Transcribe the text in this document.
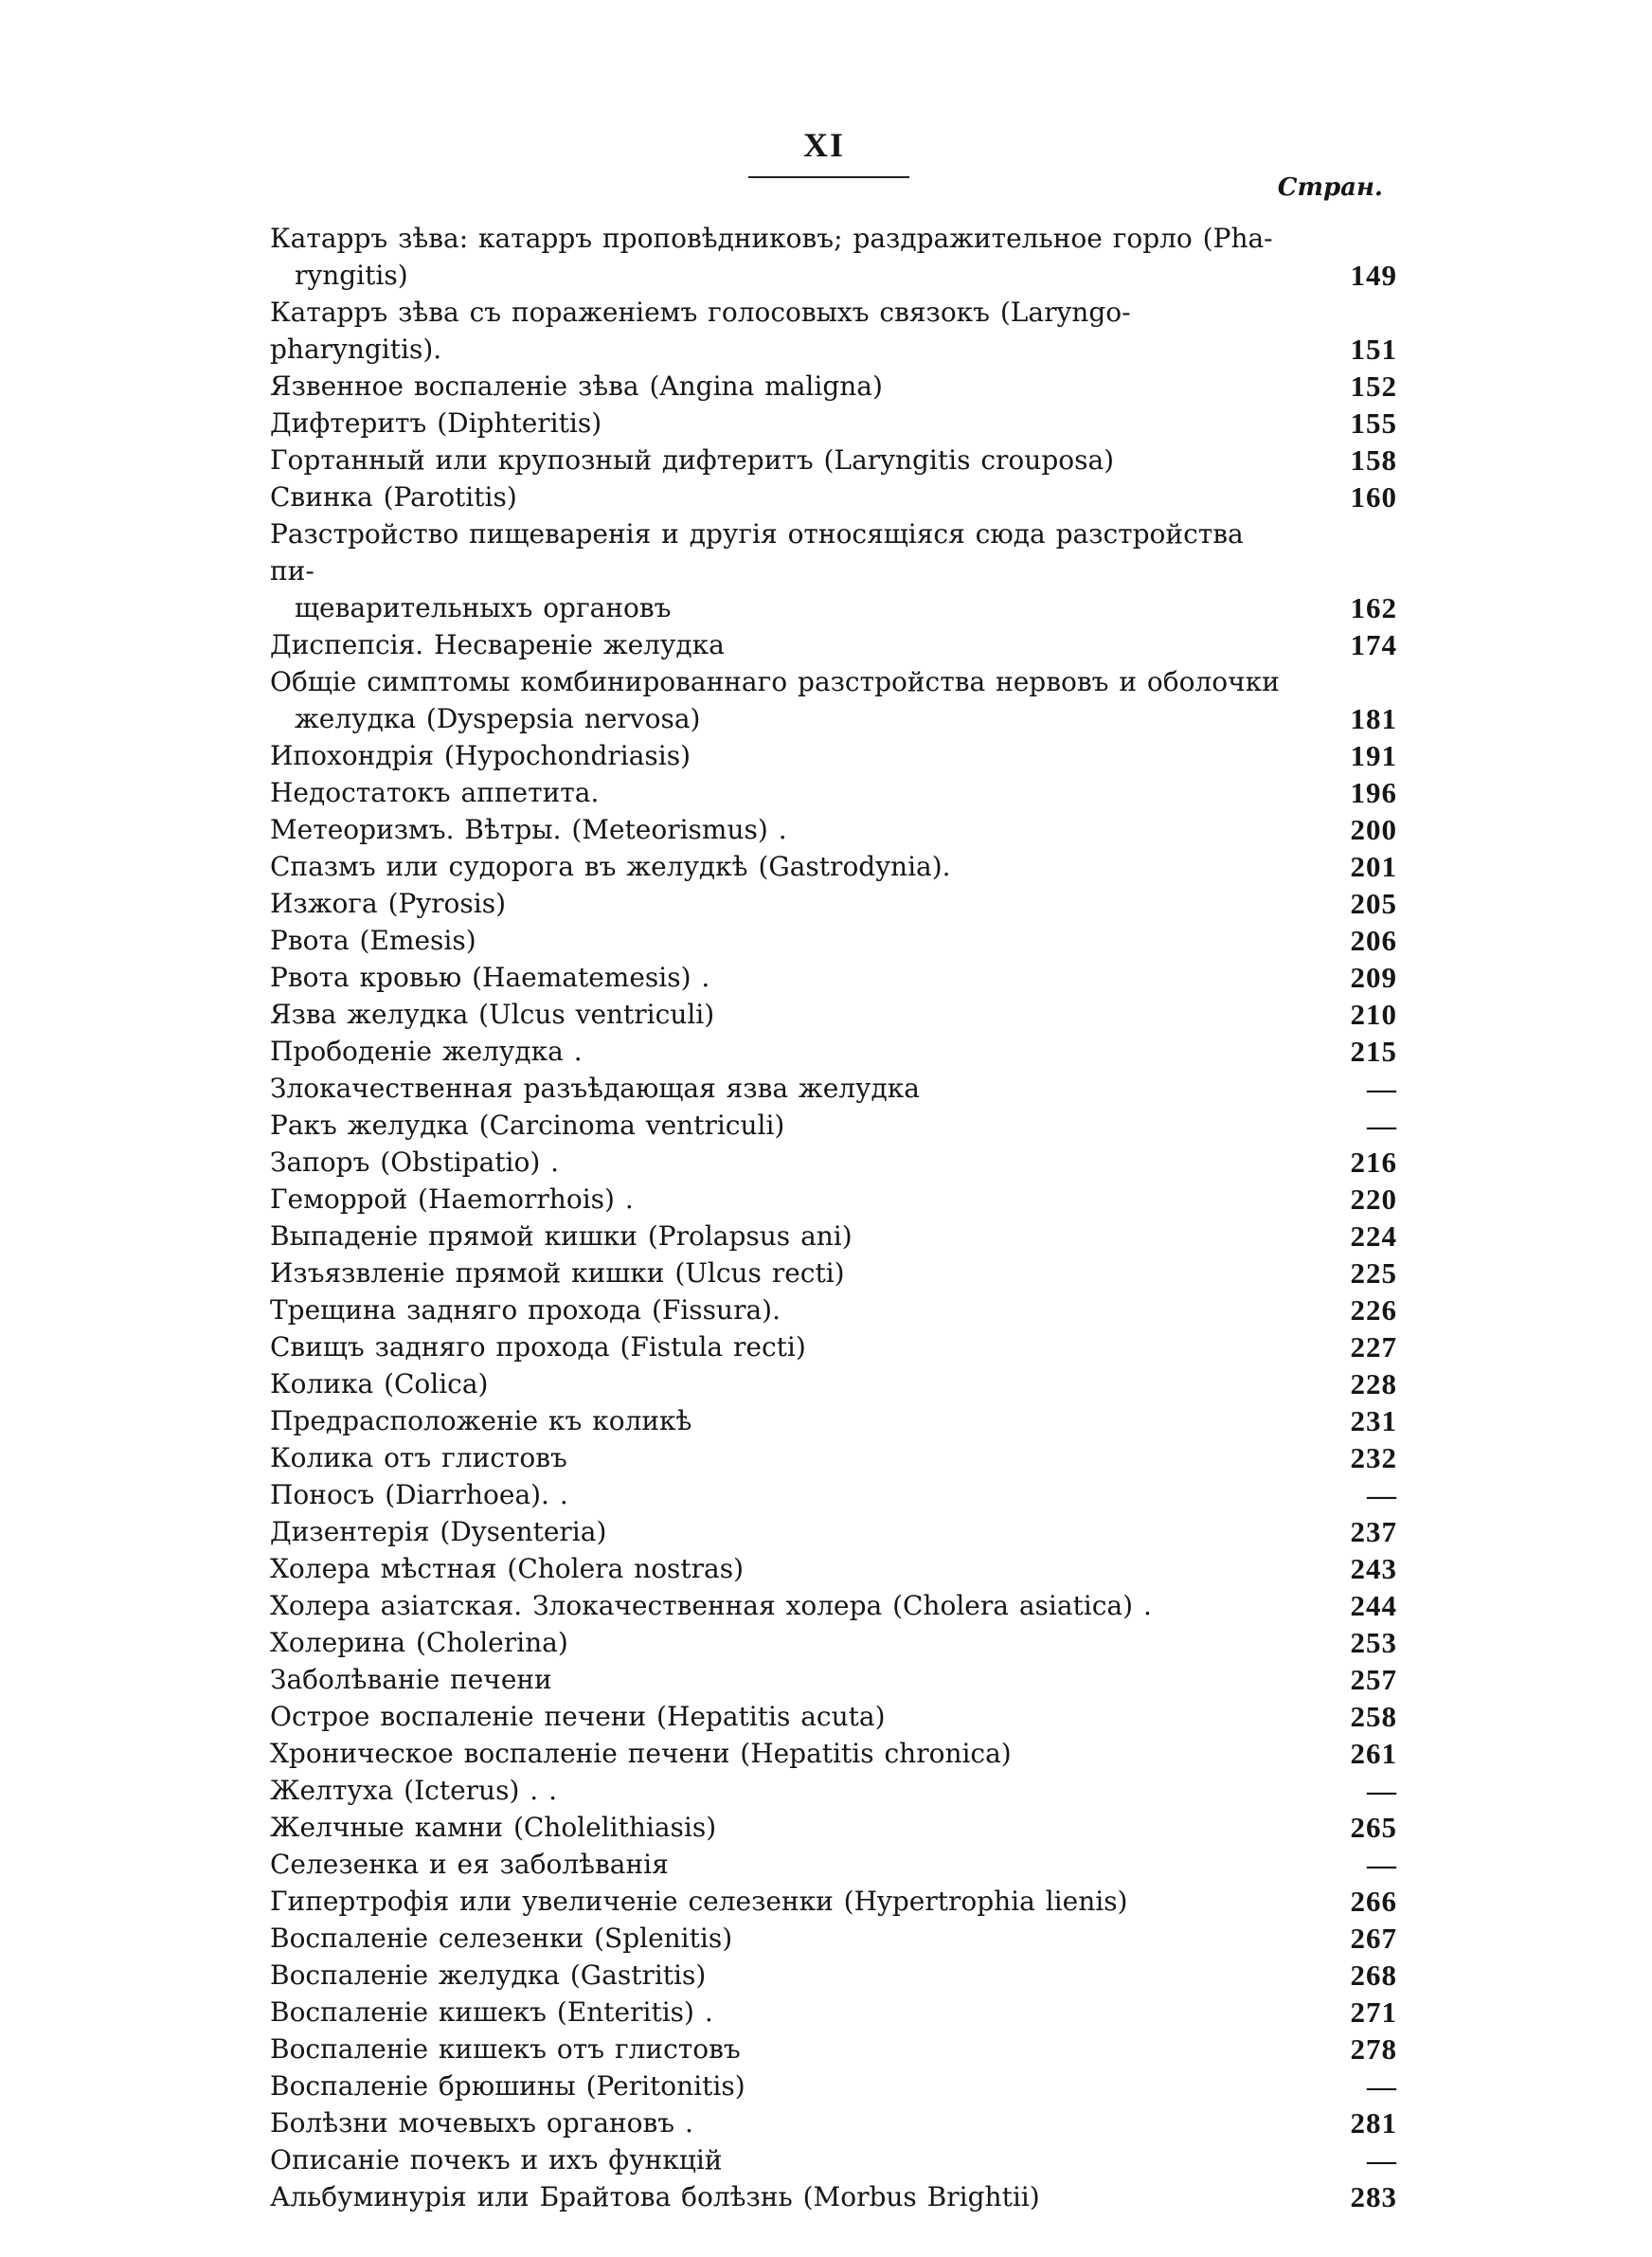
XI
Стран.
Катарръ зѣва: катарръ проповѣдниковъ; раздражительное горло (Pha-
ryngitis)	149
Катарръ зѣва съ пораженіемъ голосовыхъ связокъ (Laryngo-pharyngitis).	151
Язвенное воспаленіе зѣва (Angina maligna)	152
Дифтеритъ (Diphteritis)	155
Гортанный или крупозный дифтеритъ (Laryngitis crouposa)	158
Свинка (Parotitis)	160
Разстройство пищеваренія и другія относящіяся сюда разстройства пи-
щеварительныхъ органовъ	162
Диспепсія. Несвареніе желудка	174
Общіе симптомы комбинированнаго разстройства нервовъ и оболочки
желудка (Dyspepsia nervosa)	181
Ипохондрія (Hypochondriasis)	191
Недостатокъ аппетита.	196
Метеоризмъ. Вѣтры. (Meteorismus) .	200
Спазмъ или судорога въ желудкѣ (Gastrodynia).	201
Изжога (Pyrosis)	205
Рвота (Emesis)	206
Рвота кровью (Haematemesis) .	209
Язва желудка (Ulcus ventriculi)	210
Прободеніе желудка .	215
Злокачественная разъѣдающая язва желудка	—
Ракъ желудка (Carcinoma ventriculi)	—
Запоръ (Obstipatio) .	216
Геморрой (Haemorrhois) .	220
Выпаденіе прямой кишки (Prolapsus ani)	224
Изъязвленіе прямой кишки (Ulcus recti)	225
Трещина задняго прохода (Fissura).	226
Свищъ задняго прохода (Fistula recti)	227
Колика (Colica)	228
Предрасположеніе къ коликѣ	231
Колика отъ глистовъ	232
Поносъ (Diarrhoea). .	—
Дизентерія (Dysenteria)	237
Холера мѣстная (Cholera nostras)	243
Холера азіатская. Злокачественная холера (Cholera asiatica) .	244
Холерина (Cholerina)	253
Заболѣваніе печени	257
Острое воспаленіе печени (Hepatitis acuta)	258
Хроническое воспаленіе печени (Hepatitis chronica)	261
Желтуха (Icterus) . .	—
Желчные камни (Cholelithiasis)	265
Селезенка и ея заболѣванія	—
Гипертрофія или увеличеніе селезенки (Hypertrophia lienis)	266
Воспаленіе селезенки (Splenitis)	267
Воспаленіе желудка (Gastritis)	268
Воспаленіе кишекъ (Enteritis) .	271
Воспаленіе кишекъ отъ глистовъ	278
Воспаленіе брюшины (Peritonitis)	—
Болѣзни мочевыхъ органовъ .	281
Описаніе почекъ и ихъ функцій	—
Альбуминурія или Брайтова болѣзнь (Morbus Brightii)	283
